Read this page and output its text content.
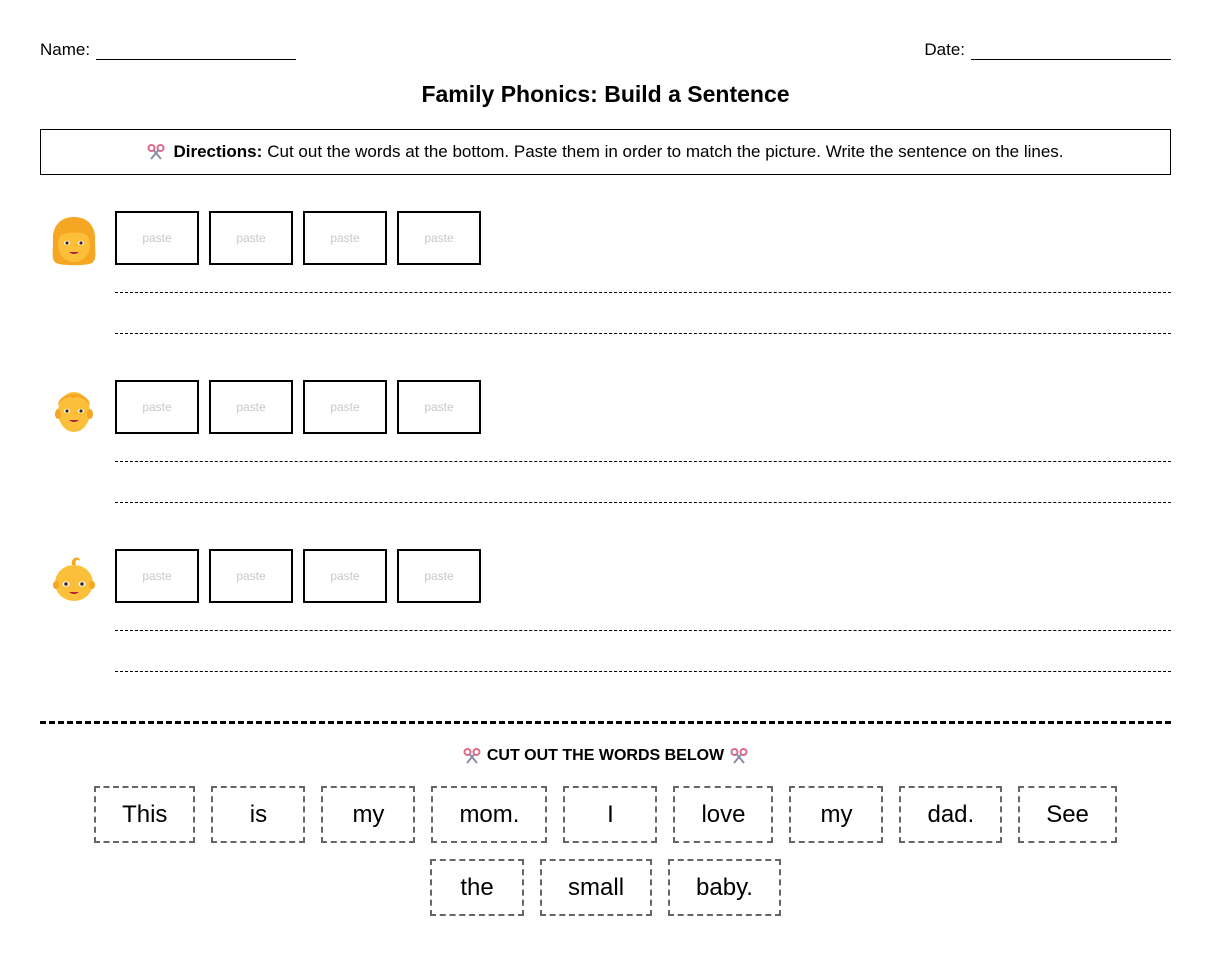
Name:	Date:
Family Phonics: Build a Sentence
Directions: Cut out the words at the bottom. Paste them in order to match the picture. Write the sentence on the lines.
paste	paste	paste	paste
paste	paste	paste	paste
paste	paste	paste	paste
CUT OUT THE WORDS BELOW
This	is	my	mom.	I	love	my	dad.	See
the	small	baby.
